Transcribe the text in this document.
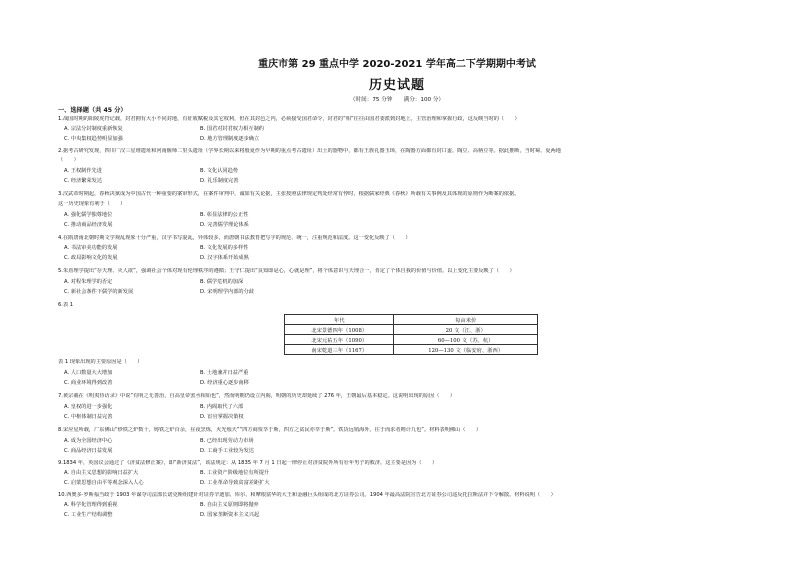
重庆市第 29 重点中学 2020-2021 学年高二下学期期中考试
历史试题
（时间：75 分钟　　满分：100 分）
一、选择题（共 45 分）
1.战国时期的阳陵虎符记载，封君拥有大小不同封地，有征收赋税及其它权利，但在其封邑之内，必须接受国君命令，封君的“相”往往由国君委派到封地上，主管治理和掌握行政，这反映当时的（　　）
A. 宗法分封制度重新恢复	B. 国君对封君权力相互制约
C. 中央集权趋势明显加强	D. 地方管理制度逐步确立
2.据考古研究发现，四川广汉三星堆遗址和河南偃师二里头遗址（学界长期以来将殷夏作为早期的重点考古遗址）出土的器物中，都有王族礼器玉璋，在陶器方面都有封口盉、陶豆、高柄豆等。据此推断，当时蜀、夏两地
（　　）
A. 王权制作先进	B. 文化认同趋势
C. 经济繁荣发达	D. 礼乐制度完善
3.汉武帝时期起，春秋决狱成为中国古代一种重要的案审形式，在案件审判中，诚如有关论据，主张按照法律规定判处经常有悖时，根据儒家经典《春秋》所载有关事例及其体现的原则作为断案的依据。
这一历史现象有利于（　　）
A. 强化儒学独尊地位	B. 彰显法律的公正性
C. 推动商品经济发展	D. 完善儒学理论体系
4.在隋唐南北朝时期文学观乱现象十分严重，汉字书写混乱，异体较多，而唐朝书法教育把写字的规范、统一，注重规范和法度。这一变化反映了（　　）
A. 书法审美功能的发展	B. 文化发展的多样性
C. 政局影响文化的发展	D. 汉字体系开始成熟
5.朱熹理学提出“存天理、灭人欲”，强调社会个体对现有伦理秩序的遵循；王守仁提出“良知即是心，心就是理”，将个体意识与天理合一，肯定了个体自我的价值与价值。以上变化主要反映了（　　）
A. 对程朱理学的否定	B. 儒学危机的加深
C. 新社会条件下儒学的新发展	D. 宋明理学内部的分歧
6.表 1
年代	每亩米价
北宋景德四年（1008）	20 文（江、浙）
北宋元祐五年（1090）	60—100 文（苏、杭）
南宋乾道三年（1167）	120—130 文（临安府、浙西）
表 1 现象出现的主要原因是（　　）
A. 人口数量大大增加	B. 土地兼并日益严重
C. 商业环境得到改善	D. 经济重心逐步南移
7.黄宗羲在《明夷待访录》中说“有明之无善治，自高皇帝罢丞相始也”，然而明朝仍设立内阁，明朝的历史却延续了 276 年，王朝最后基本稳定。这说明出现的原因（　　）
A. 皇权的进一步强化	B. 内阁取代了六部
C. 中枢体制日益完善	D. 宦官掌握决策权
8.宋应星所载，广东佛山“炒铁之炉数十，铸铁之炉百余，昼夜烹炼，火光烛天”“四方商贾萃于斯，四方之贫民亦萃于斯”。铁货远销海外，往于而求者则计九也”。材料表明佛山（　　）
A. 成为全国经济中心	B. 已经出现劳动力市场
C. 商品经济日益发展	D. 工商手工业较为发达
9.1834 年，英国议会通过了《济贫法修正案》，即“新济贫法”，该法规定：从 1835 年 7 月 1 日起一律停止对济贫院外所有壮年男子的救济。这主要是因为（　　）
A. 自由主义思想的影响日益扩大	B. 工业资产阶级地位有所提升
C. 启蒙思想自由平等观念深入人心	D. 工业革命导致贫富差距扩大
10.西奥多·罗斯福当政于 1903 年谋夺司法部长诺克斯组建针对证券辛迪加、库尔、和摩根富华的大王和金融巨头组成的北方证券公司。1904 年最高法院宣告北方证券公司违反托拉斯法并下令解散。材料说明（　　）
A. 科学化管理得到重视	B. 自由主义原则即将抛弃
C. 工业生产结构调整	D. 国家垄断资本主义兴起
